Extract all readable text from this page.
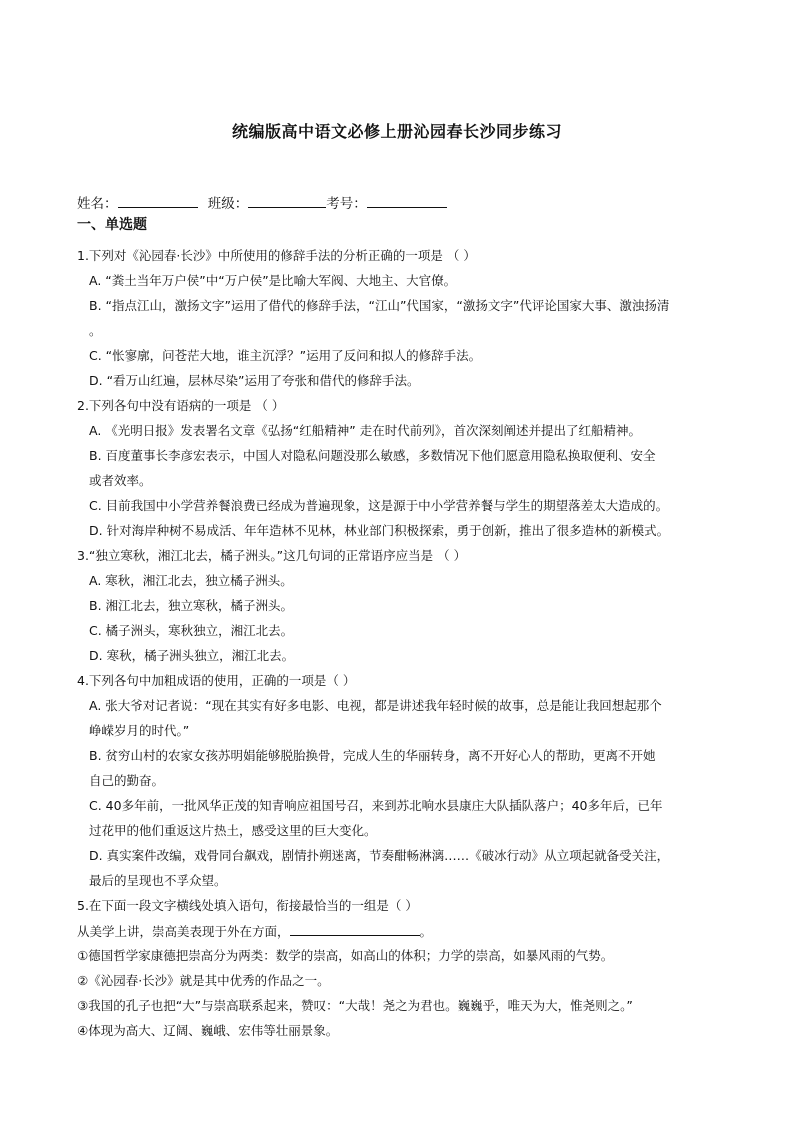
统编版高中语文必修上册沁园春长沙同步练习
姓名：	班级：	考号：
一、单选题
1.下列对《沁园春·长沙》中所使用的修辞手法的分析正确的一项是 （ ）
A. “粪土当年万户侯”中“万户侯”是比喻大军阀、大地主、大官僚。
B. “指点江山，激扬文字”运用了借代的修辞手法，“江山”代国家，“激扬文字”代评论国家大事、激浊扬清
。
C. “怅寥廓，问苍茫大地，谁主沉浮？”运用了反问和拟人的修辞手法。
D. “看万山红遍，层林尽染”运用了夸张和借代的修辞手法。
2.下列各句中没有语病的一项是 （ ）
A. 《光明日报》发表署名文章《弘扬“红船精神” 走在时代前列》，首次深刻阐述并提出了红船精神。
B. 百度董事长李彦宏表示，中国人对隐私问题没那么敏感，多数情况下他们愿意用隐私换取便利、安全
或者效率。
C. 目前我国中小学营养餐浪费已经成为普遍现象，这是源于中小学营养餐与学生的期望落差太大造成的。
D. 针对海岸种树不易成活、年年造林不见林，林业部门积极探索，勇于创新，推出了很多造林的新模式。
3.“独立寒秋，湘江北去，橘子洲头。”这几句词的正常语序应当是 （ ）
A. 寒秋，湘江北去，独立橘子洲头。
B. 湘江北去，独立寒秋，橘子洲头。
C. 橘子洲头，寒秋独立，湘江北去。
D. 寒秋，橘子洲头独立，湘江北去。
4.下列各句中加粗成语的使用，正确的一项是（ ）
A. 张大爷对记者说：“现在其实有好多电影、电视，都是讲述我年轻时候的故事，总是能让我回想起那个
峥嵘岁月的时代。”
B. 贫穷山村的农家女孩苏明娟能够脱胎换骨，完成人生的华丽转身，离不开好心人的帮助，更离不开她
自己的勤奋。
C. 40多年前，一批风华正茂的知青响应祖国号召，来到苏北响水县康庄大队插队落户；40多年后，已年
过花甲的他们重返这片热土，感受这里的巨大变化。
D. 真实案件改编，戏骨同台飙戏，剧情扑朔迷离，节奏酣畅淋漓……《破冰行动》从立项起就备受关注，
最后的呈现也不孚众望。
5.在下面一段文字横线处填入语句，衔接最恰当的一组是（ ）
从美学上讲，崇高美表现于外在方面，	。
①德国哲学家康德把崇高分为两类：数学的崇高，如高山的体积；力学的崇高，如暴风雨的气势。
②《沁园春·长沙》就是其中优秀的作品之一。
③我国的孔子也把“大”与崇高联系起来，赞叹：“大哉！尧之为君也。巍巍乎，唯天为大，惟尧则之。”
④体现为高大、辽阔、巍峨、宏伟等壮丽景象。
